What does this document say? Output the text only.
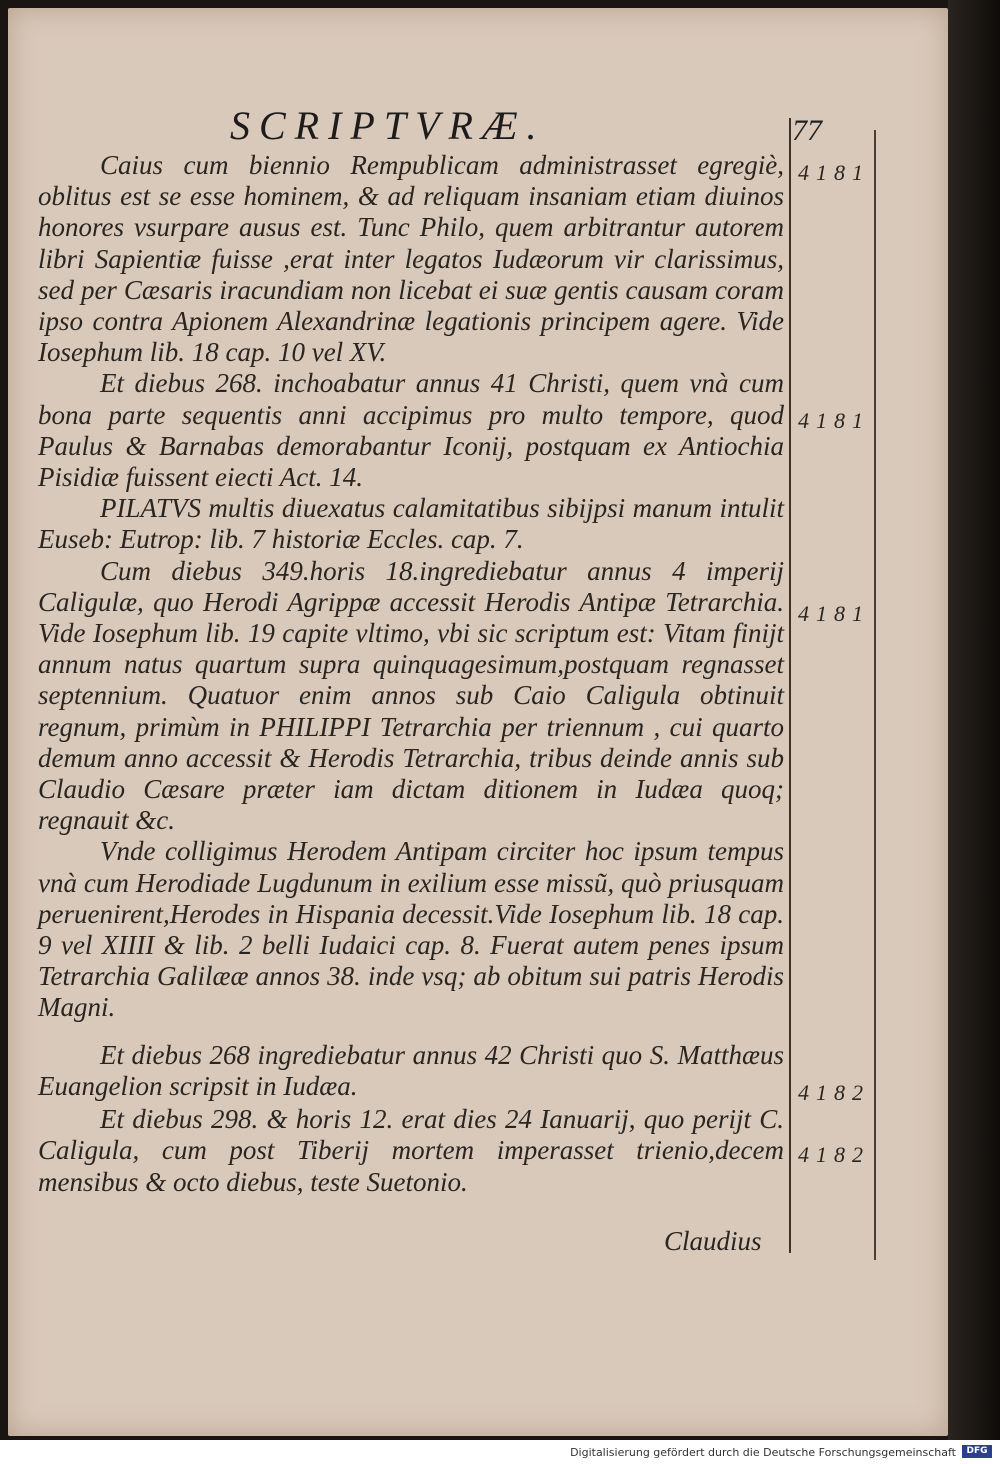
SCRIPTVRÆ.	77

Caius cum biennio Rempublicam administrasset egregiè, oblitus est se esse hominem, & ad reliquam insaniam etiam diuinos honores vsurpare ausus est. Tunc Philo, quem arbitrantur autorem libri Sapientiæ fuisse ,erat inter legatos Iudæorum vir clarissimus, sed per Cæsaris iracundiam non licebat ei suæ gentis causam coram ipso contra Apionem Alexandrinæ legationis principem agere. Vide Iosephum lib. 18 cap. 10 vel XV.

Et diebus 268. inchoabatur annus 41 Christi, quem vnà cum bona parte sequentis anni accipimus pro multo tempore, quod Paulus & Barnabas demorabantur Iconij, postquam ex Antiochia Pisidiæ fuissent eiecti Act. 14.

PILATVS multis diuexatus calamitatibus sibijpsi manum intulit Euseb: Eutrop: lib. 7 historiæ Eccles. cap. 7.

Cum diebus 349.horis 18.ingrediebatur annus 4 imperij Caligulæ, quo Herodi Agrippæ accessit Herodis Antipæ Tetrarchia. Vide Iosephum lib. 19 capite vltimo, vbi sic scriptum est: Vitam finijt annum natus quartum supra quinquagesimum,postquam regnasset septennium. Quatuor enim annos sub Caio Caligula obtinuit regnum, primùm in PHILIPPI Tetrarchia per triennum , cui quarto demum anno accessit & Herodis Tetrarchia, tribus deinde annis sub Claudio Cæsare præter iam dictam ditionem in Iudæa quoq; regnauit &c.

Vnde colligimus Herodem Antipam circiter hoc ipsum tempus vnà cum Herodiade Lugdunum in exilium esse missũ, quò priusquam peruenirent,Herodes in Hispania decessit.Vide Iosephum lib. 18 cap. 9 vel XIIII & lib. 2 belli Iudaici cap. 8. Fuerat autem penes ipsum Tetrarchia Galilææ annos 38. inde vsq; ab obitum sui patris Herodis Magni.

Et diebus 268 ingrediebatur annus 42 Christi quo S. Matthæus Euangelion scripsit in Iudæa.

Et diebus 298. & horis 12. erat dies 24 Ianuarij, quo perijt C. Caligula, cum post Tiberij mortem imperasset trienio,decem mensibus & octo diebus, teste Suetonio.

Claudius
4181
4181
4181
4182
4182
Digitalisierung gefördert durch die Deutsche Forschungsgemeinschaft	DFG
